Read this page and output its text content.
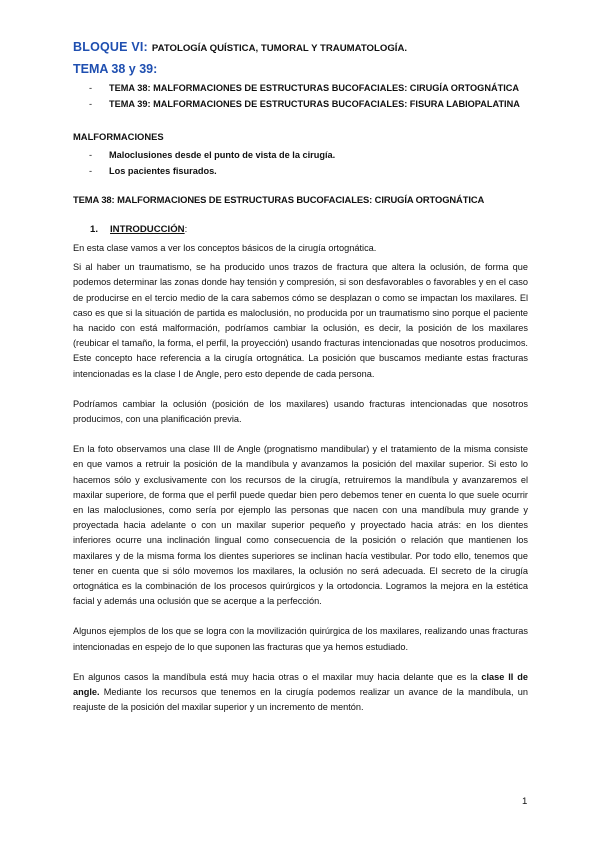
BLOQUE VI: PATOLOGÍA QUÍSTICA, TUMORAL Y TRAUMATOLOGÍA.
TEMA 38 y 39:
- TEMA 38: MALFORMACIONES DE ESTRUCTURAS BUCOFACIALES: CIRUGÍA ORTOGNÁTICA
- TEMA 39: MALFORMACIONES DE ESTRUCTURAS BUCOFACIALES: FISURA LABIOPALATINA
MALFORMACIONES
- Maloclusiones desde el punto de vista de la cirugía.
- Los pacientes fisurados.
TEMA 38: MALFORMACIONES DE ESTRUCTURAS BUCOFACIALES: CIRUGÍA ORTOGNÁTICA
1. INTRODUCCIÓN:

En esta clase vamos a ver los conceptos básicos de la cirugía ortognática.

Si al haber un traumatismo, se ha producido unos trazos de fractura que altera la oclusión, de forma que podemos determinar las zonas donde hay tensión y compresión, si son desfavorables o favorables y en el caso de producirse en el tercio medio de la cara sabemos cómo se desplazan o como se impactan los maxilares. El caso es que si la situación de partida es maloclusión, no producida por un traumatismo sino porque el paciente ha nacido con está malformación, podríamos cambiar la oclusión, es decir, la posición de los maxilares (reubicar el tamaño, la forma, el perfil, la proyección) usando fracturas intencionadas que nosotros producimos. Este concepto hace referencia a la cirugía ortognática. La posición que buscamos mediante estas fracturas intencionadas es la clase I de Angle, pero esto depende de cada persona.

Podríamos cambiar la oclusión (posición de los maxilares) usando fracturas intencionadas que nosotros producimos, con una planificación previa.

En la foto observamos una clase III de Angle (prognatismo mandibular) y el tratamiento de la misma consiste en que vamos a retruir la posición de la mandíbula y avanzamos la posición del maxilar superior. Si esto lo hacemos sólo y exclusivamente con los recursos de la cirugía, retruiremos la mandíbula y avanzaremos el maxilar superiore, de forma que el perfil puede quedar bien pero debemos tener en cuenta lo que suele ocurrir en las maloclusiones, como sería por ejemplo las personas que nacen con una mandíbula muy grande y proyectada hacia adelante o con un maxilar superior pequeño y proyectado hacia atrás: en los dientes inferiores ocurre una inclinación lingual como consecuencia de la posición o relación que mantienen los maxilares y de la misma forma los dientes superiores se inclinan hacía vestibular. Por todo ello, tenemos que tener en cuenta que si sólo movemos los maxilares, la oclusión no será adecuada. El secreto de la cirugía ortognática es la combinación de los procesos quirúrgicos y la ortodoncia. Logramos la mejora en la estética facial y además una oclusión que se acerque a la perfección.

Algunos ejemplos de los que se logra con la movilización quirúrgica de los maxilares, realizando unas fracturas intencionadas en espejo de lo que suponen las fracturas que ya hemos estudiado.

En algunos casos la mandíbula está muy hacia otras o el maxilar muy hacia delante que es la clase II de angle. Mediante los recursos que tenemos en la cirugía podemos realizar un avance de la mandíbula, un reajuste de la posición del maxilar superior y un incremento de mentón.

1
